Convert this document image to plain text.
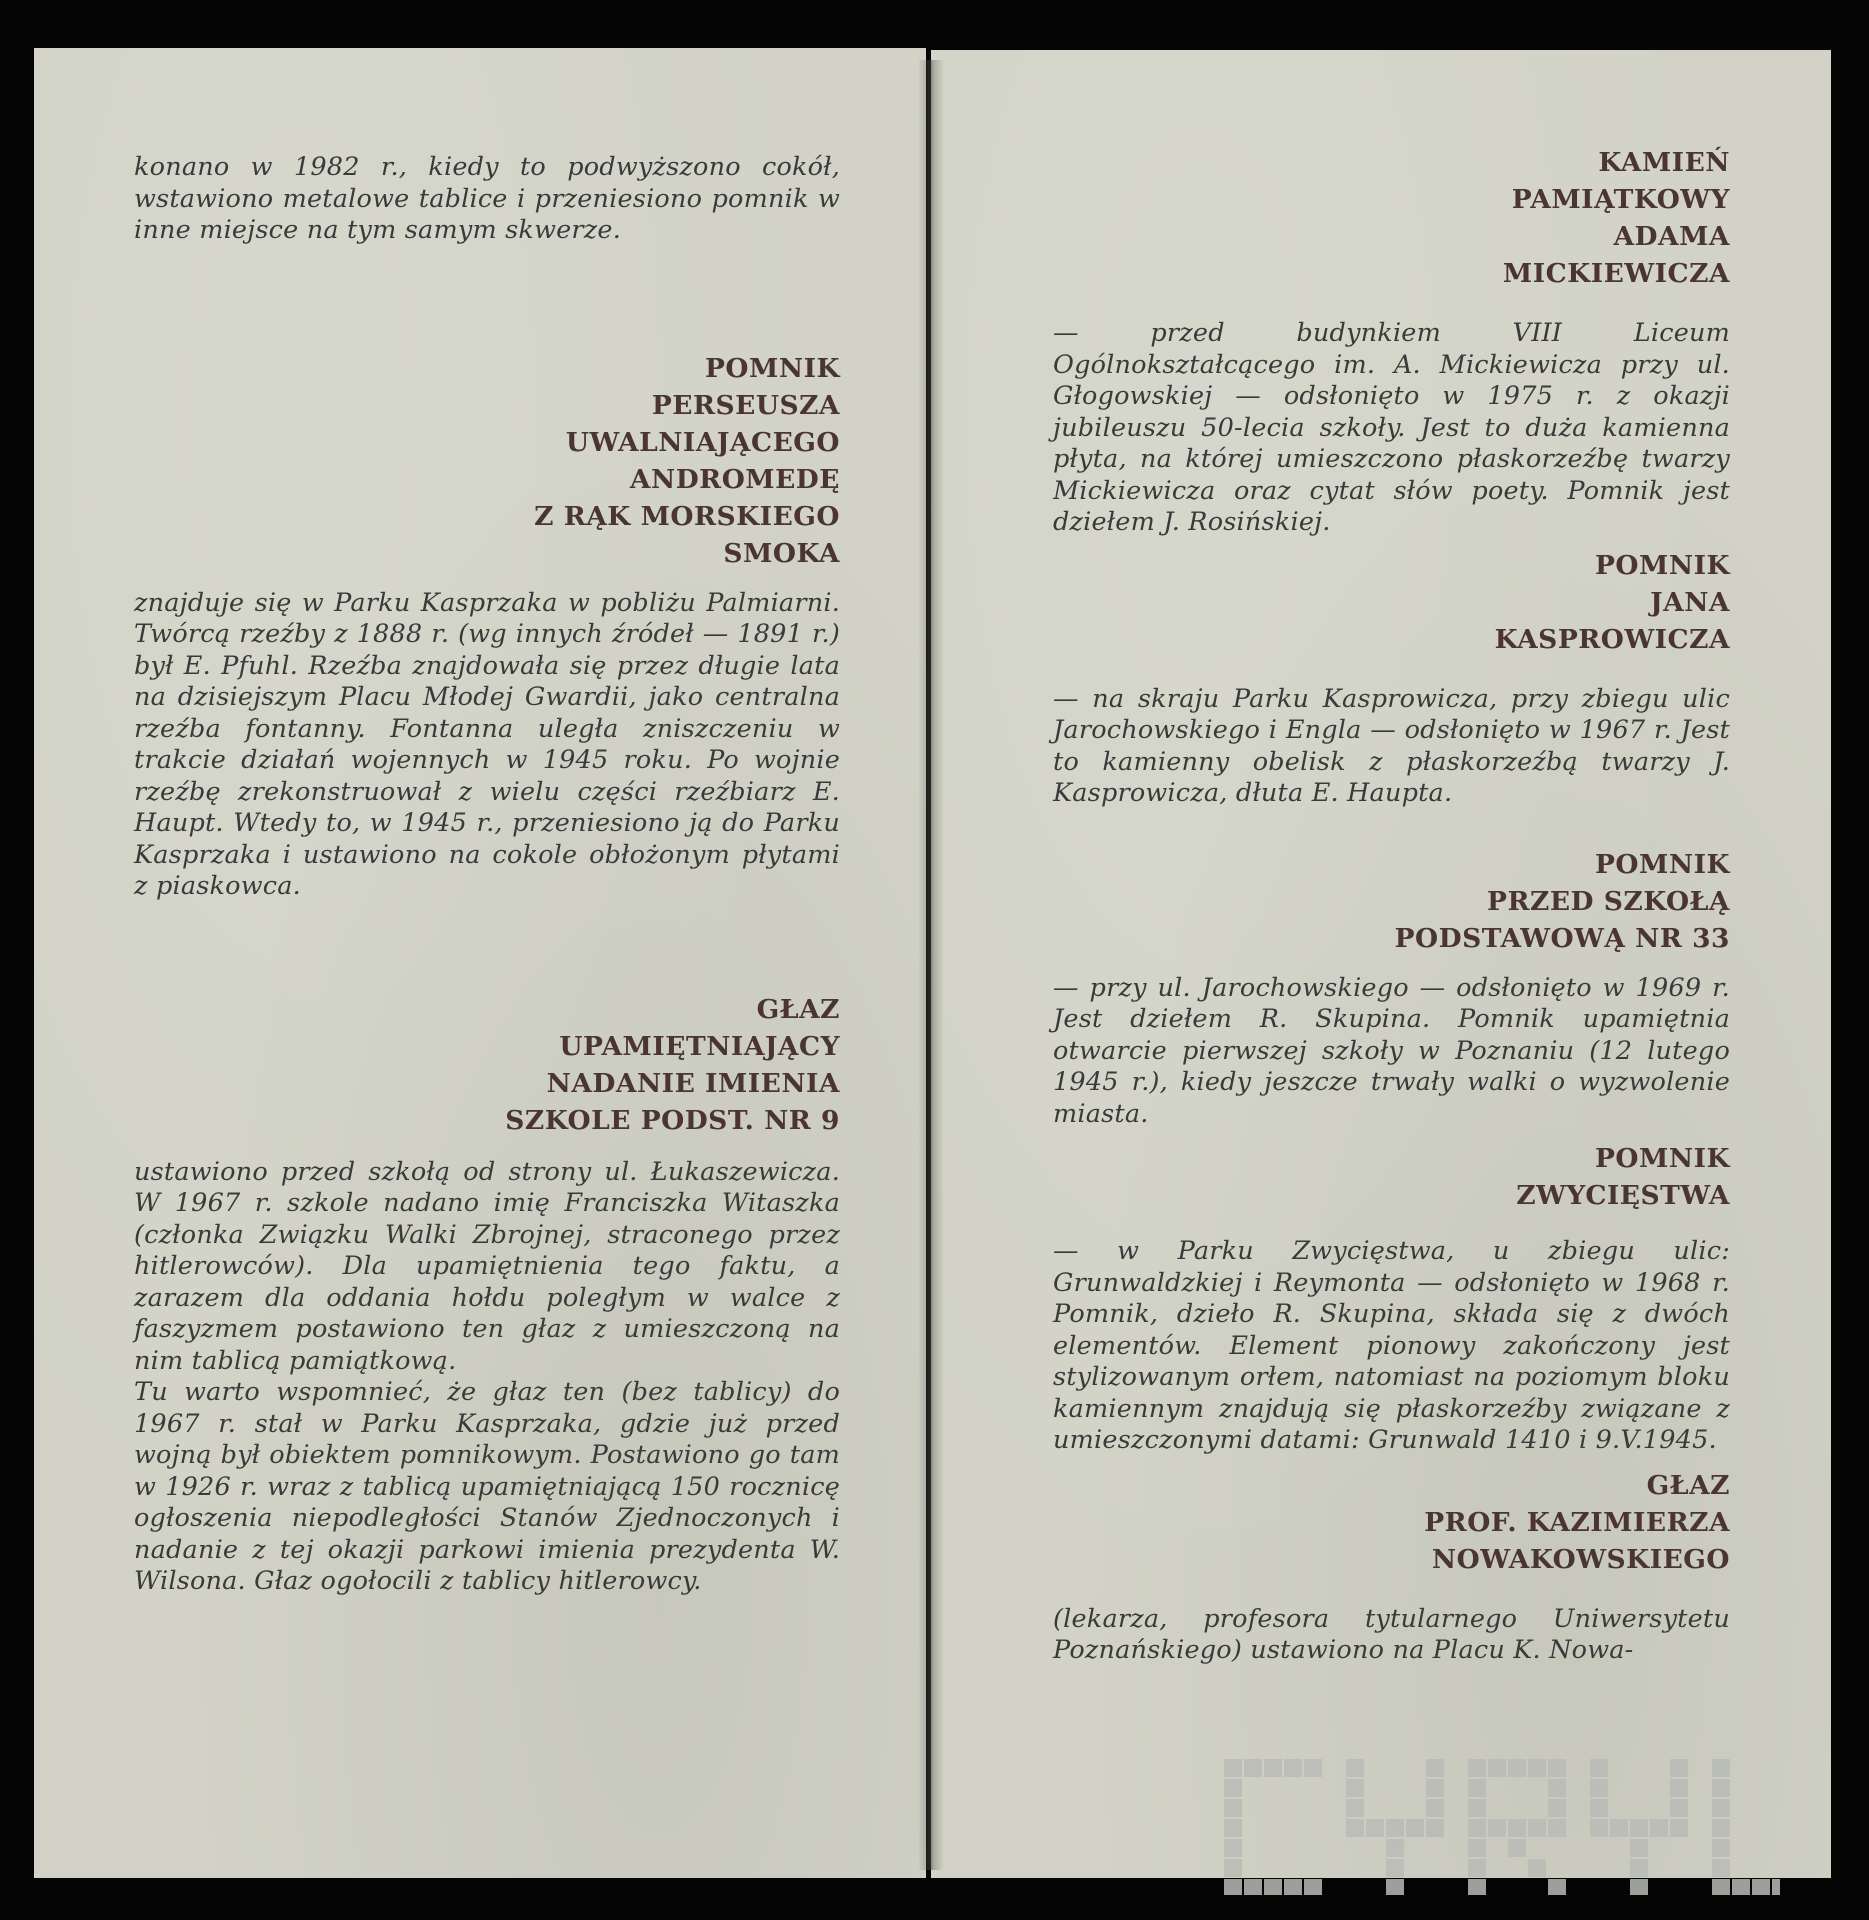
konano w 1982 r., kiedy to podwyższono cokół, wstawiono metalowe tablice i przeniesiono pomnik w inne miejsce na tym samym skwerze.

POMNIK
PERSEUSZA
UWALNIAJĄCEGO
ANDROMEDĘ
Z RĄK MORSKIEGO
SMOKA

znajduje się w Parku Kasprzaka w pobliżu Palmiarni. Twórcą rzeźby z 1888 r. (wg innych źródeł — 1891 r.) był E. Pfuhl. Rzeźba znajdowała się przez długie lata na dzisiejszym Placu Młodej Gwardii, jako centralna rzeźba fontanny. Fontanna uległa zniszczeniu w trakcie działań wojennych w 1945 roku. Po wojnie rzeźbę zrekonstruował z wielu części rzeźbiarz E. Haupt. Wtedy to, w 1945 r., przeniesiono ją do Parku Kasprzaka i ustawiono na cokole obłożonym płytami z piaskowca.

GŁAZ
UPAMIĘTNIAJĄCY
NADANIE IMIENIA
SZKOLE PODST. NR 9

ustawiono przed szkołą od strony ul. Łukaszewicza. W 1967 r. szkole nadano imię Franciszka Witaszka (członka Związku Walki Zbrojnej, straconego przez hitlerowców). Dla upamiętnienia tego faktu, a zarazem dla oddania hołdu poległym w walce z faszyzmem postawiono ten głaz z umieszczoną na nim tablicą pamiątkową.

Tu warto wspomnieć, że głaz ten (bez tablicy) do 1967 r. stał w Parku Kasprzaka, gdzie już przed wojną był obiektem pomnikowym. Postawiono go tam w 1926 r. wraz z tablicą upamiętniającą 150 rocznicę ogłoszenia niepodległości Stanów Zjednoczonych i nadanie z tej okazji parkowi imienia prezydenta W. Wilsona. Głaz ogołocili z tablicy hitlerowcy.

KAMIEŃ
PAMIĄTKOWY
ADAMA
MICKIEWICZA

— przed budynkiem VIII Liceum Ogólnokształcącego im. A. Mickiewicza przy ul. Głogowskiej — odsłonięto w 1975 r. z okazji jubileuszu 50-lecia szkoły. Jest to duża kamienna płyta, na której umieszczono płaskorzeźbę twarzy Mickiewicza oraz cytat słów poety. Pomnik jest dziełem J. Rosińskiej.

POMNIK
JANA
KASPROWICZA

— na skraju Parku Kasprowicza, przy zbiegu ulic Jarochowskiego i Engla — odsłonięto w 1967 r. Jest to kamienny obelisk z płaskorzeźbą twarzy J. Kasprowicza, dłuta E. Haupta.

POMNIK
PRZED SZKOŁĄ
PODSTAWOWĄ NR 33

— przy ul. Jarochowskiego — odsłonięto w 1969 r. Jest dziełem R. Skupina. Pomnik upamiętnia otwarcie pierwszej szkoły w Poznaniu (12 lutego 1945 r.), kiedy jeszcze trwały walki o wyzwolenie miasta.

POMNIK
ZWYCIĘSTWA

— w Parku Zwycięstwa, u zbiegu ulic: Grunwaldzkiej i Reymonta — odsłonięto w 1968 r. Pomnik, dzieło R. Skupina, składa się z dwóch elementów. Element pionowy zakończony jest stylizowanym orłem, natomiast na poziomym bloku kamiennym znajdują się płaskorzeźby związane z umieszczonymi datami: Grunwald 1410 i 9.V.1945.

GŁAZ
PROF. KAZIMIERZA
NOWAKOWSKIEGO

(lekarza, profesora tytularnego Uniwersytetu Poznańskiego) ustawiono na Placu K. Nowa-
